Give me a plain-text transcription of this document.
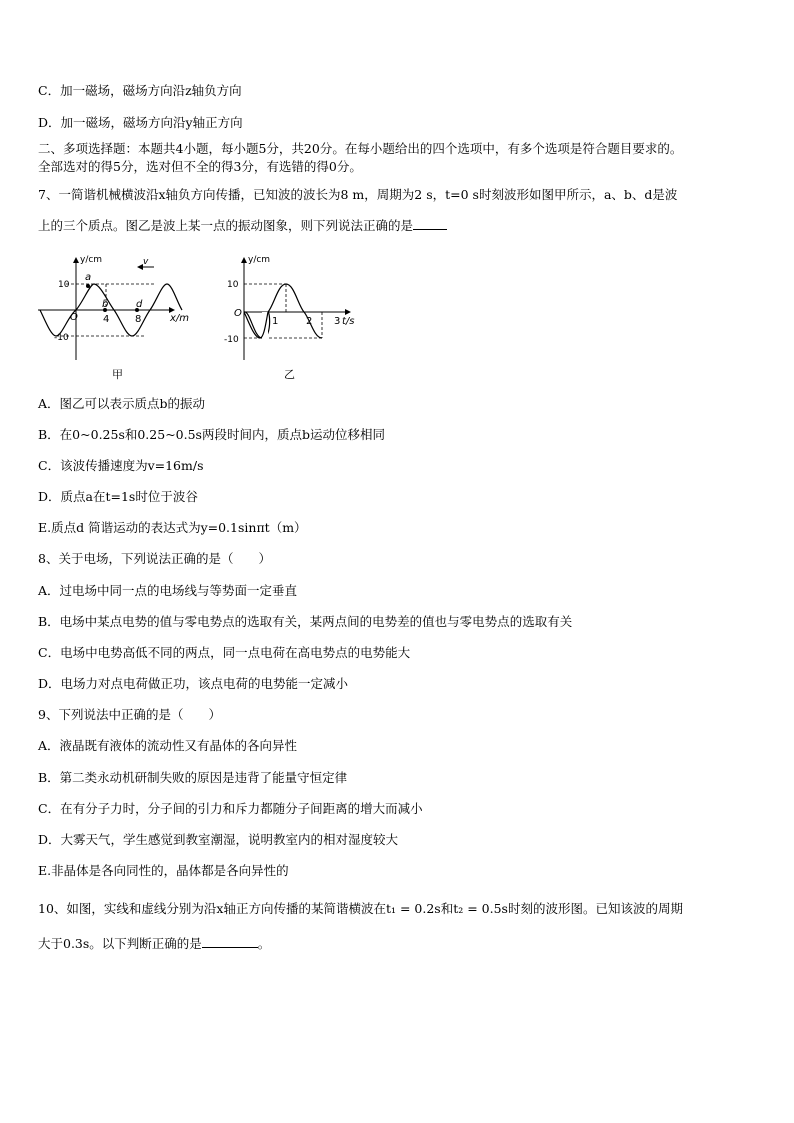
C．加一磁场，磁场方向沿z轴负方向
D．加一磁场，磁场方向沿y轴正方向
二、多项选择题：本题共4小题，每小题5分，共20分。在每小题给出的四个选项中，有多个选项是符合题目要求的。
全部选对的得5分，选对但不全的得3分，有选错的得0分。
7、一简谐机械横波沿x轴负方向传播，已知波的波长为8 m，周期为2 s，t=0 s时刻波形如图甲所示，a、b、d是波
上的三个质点。图乙是波上某一点的振动图象，则下列说法正确的是
y/cm
10
-10
O	4	8	x/m
a
b	d
v
甲
y/cm
10
-10
O
1	2 3 t/s
乙
A．图乙可以表示质点b的振动
B．在0~0.25s和0.25~0.5s两段时间内，质点b运动位移相同
C．该波传播速度为v=16m/s
D．质点a在t=1s时位于波谷
E.质点d 简谐运动的表达式为y=0.1sinπt（m）
8、关于电场，下列说法正确的是（　　）
A．过电场中同一点的电场线与等势面一定垂直
B．电场中某点电势的值与零电势点的选取有关，某两点间的电势差的值也与零电势点的选取有关
C．电场中电势高低不同的两点，同一点电荷在高电势点的电势能大
D．电场力对点电荷做正功，该点电荷的电势能一定减小
9、下列说法中正确的是（　　）
A．液晶既有液体的流动性又有晶体的各向异性
B．第二类永动机研制失败的原因是违背了能量守恒定律
C．在有分子力时，分子间的引力和斥力都随分子间距离的增大而减小
D．大雾天气，学生感觉到教室潮湿，说明教室内的相对湿度较大
E.非晶体是各向同性的，晶体都是各向异性的
10、如图，实线和虚线分别为沿x轴正方向传播的某简谐横波在t₁ = 0.2s和t₂ = 0.5s时刻的波形图。已知该波的周期
大于0.3s。以下判断正确的是	。
